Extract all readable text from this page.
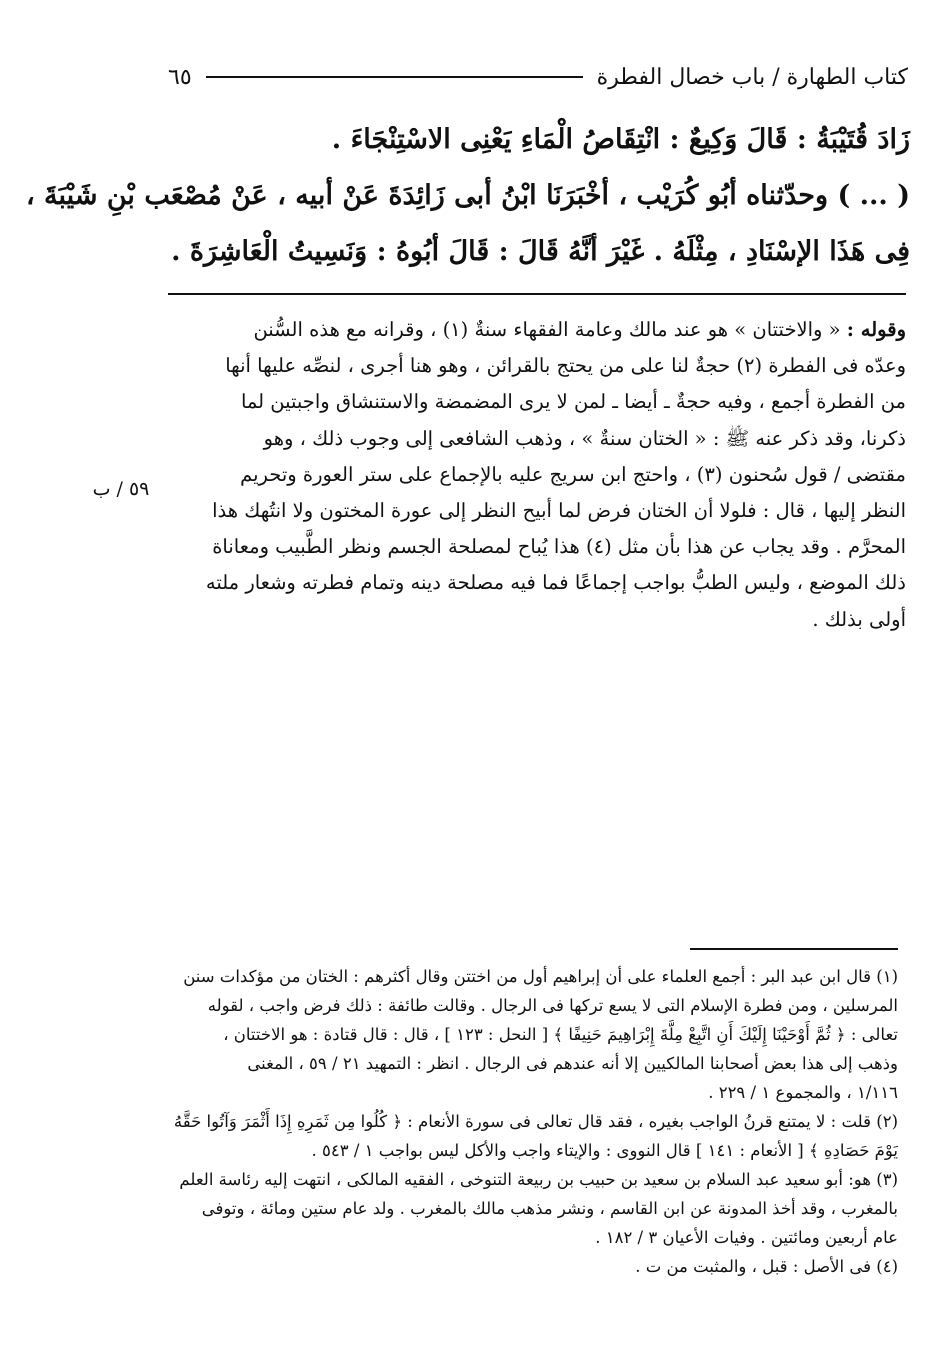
كتاب الطهارة / باب خصال الفطرة
٦٥

زَادَ قُتَيْبَةُ : قَالَ وَكِيعٌ : انْتِقَاصُ الْمَاءِ يَعْنِى الاسْتِنْجَاءَ .

( ... ) وحدّثناه أبُو كُرَيْب ، أخْبَرَنَا ابْنُ أبى زَائِدَةَ عَنْ أبيه ، عَنْ مُصْعَب بْنِ شَيْبَةَ ،

فِى هَذَا الإسْنَادِ ، مِثْلَهُ . غَيْرَ أنَّهُ قَالَ : قَالَ أبُوهُ : وَنَسِيتُ الْعَاشِرَةَ .

وقوله : « والاختتان » هو عند مالك وعامة الفقهاء سنةٌ (١) ، وقرانه مع هذه السُّنن

وعدّه فى الفطرة (٢) حجةٌ لنا على من يحتج بالقرائن ، وهو هنا أجرى ، لنصِّه عليها أنها

من الفطرة أجمع ، وفيه حجةٌ ـ أيضا ـ لمن لا يرى المضمضة والاستنشاق واجبتين لما

ذكرنا، وقد ذكر عنه ﷺ : « الختان سنةٌ » ، وذهب الشافعى إلى وجوب ذلك ، وهو

مقتضى / قول سُحنون (٣) ، واحتج ابن سريج عليه بالإجماع على ستر العورة وتحريم

النظر إليها ، قال : فلولا أن الختان فرض لما أبيح النظر إلى عورة المختون ولا انتُهك هذا

المحرَّم . وقد يجاب عن هذا بأن مثل (٤) هذا يُباح لمصلحة الجسم ونظر الطَّبيب ومعاناة

ذلك الموضع ، وليس الطبُّ بواجب إجماعًا فما فيه مصلحة دينه وتمام فطرته وشعار ملته

أولى بذلك .

٥٩ / ب

(١) قال ابن عبد البر : أجمع العلماء على أن إبراهيم أول من اختتن وقال أكثرهم : الختان من مؤكدات سنن

المرسلين ، ومن فطرة الإسلام التى لا يسع تركها فى الرجال . وقالت طائفة : ذلك فرض واجب ، لقوله

تعالى : ﴿ ثُمَّ أَوْحَيْنَا إِلَيْكَ أَنِ اتَّبِعْ مِلَّةَ إِبْرَاهِيمَ حَنِيفًا ﴾ [ النحل : ١٢٣ ] ، قال : قال قتادة : هو الاختتان ،

وذهب إلى هذا بعض أصحابنا المالكيين إلا أنه عندهم فى الرجال . انظر : التمهيد ٢١ / ٥٩ ، المغنى

١/١١٦ ، والمجموع ١ / ٢٢٩ .

(٢) قلت : لا يمتنع قرنُ الواجب بغيره ، فقد قال تعالى فى سورة الأنعام : ﴿ كُلُوا مِن ثَمَرِهِ إِذَا أَثْمَرَ وَآتُوا حَقَّهُ

يَوْمَ حَصَادِهِ ﴾ [ الأنعام : ١٤١ ] قال النووى : والإيتاء واجب والأكل ليس بواجب ١ / ٥٤٣ .

(٣) هو: أبو سعيد عبد السلام بن سعيد بن حبيب بن ربيعة التنوخى ، الفقيه المالكى ، انتهت إليه رئاسة العلم

بالمغرب ، وقد أخذ المدونة عن ابن القاسم ، ونشر مذهب مالك بالمغرب . ولد عام ستين ومائة ، وتوفى

عام أربعين ومائتين . وفيات الأعيان ٣ / ١٨٢ .

(٤) فى الأصل : قبل ، والمثبت من ت .
